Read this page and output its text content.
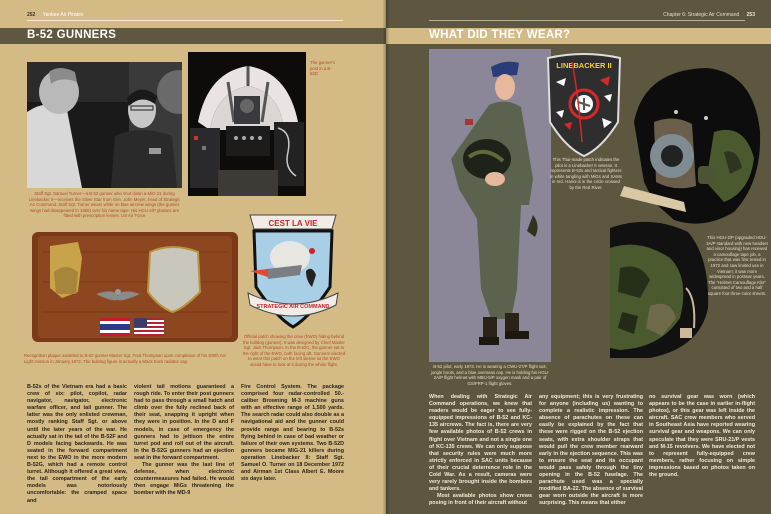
252 Yankee Air Pirates
B-52 GUNNERS
Staff Sgt. Samuel Turner—a B-52 gunner who shot down a MiG-21 during Linebacker II—receives the Silver Star from Gen. John Meyer, head of Strategic Air Command. Staff Sgt. Turner wears white on blue aircrew wings (the gunner wings had disappeared in 1955) over his name tape. His HGU-4/P glasses are fitted with prescription lenses. US Air Force
The gunner's post in a B-52D.
Recognition plaque awarded to B-52 gunner Master Sgt. Fred Thompson upon completion of his 300th Arc Light mission in January 1972. The bulldog figure is actually a Mack truck radiator cap.
CEST LA VIE
STRATEGIC AIR COMMAND
Official patch showing the crew (EWO) hiding behind the bulldog (gunner). It was designed by Chief Master Sgt. Jack Thompson. In the B-52G, the gunner sat to the right of the EWO, both facing aft. Gunners elected to wear this patch on the left sleeve so the EWO would have to look at it during the whole flight.

B-52s of the Vietnam era had a basic crew of six: pilot, copilot, radar navigator, navigator, electronic warfare officer, and tail gunner. The latter was the only enlisted crewman, mostly ranking Staff Sgt. or above until the later years of the war. He actually sat in the tail of the B-52F and D models facing backwards. He was seated in the forward compartment next to the EWO in the more modern B-52G, which had a remote control turret. Although it offered a great view, the tail compartment of the early models was notoriously uncomfortable: the cramped space and

violent tail motions guaranteed a rough ride. To enter their post gunners had to pass through a small hatch and climb over the fully reclined back of their seat, snapping it upright when they were in position. In the D and F models, in case of emergency the gunners had to jettison the entire turret pod and roll out of the aircraft. In the B-52G gunners had an ejection seat in the forward compartment.

The gunner was the last line of defense, when electronic countermeasures had failed. He would then engage MiGs threatening the bomber with the MD-9

Fire Control System. The package comprised four radar-controlled 50.-caliber Browning M-3 machine guns with an effective range of 1,500 yards. The search radar could also double as a navigational aid and the gunner could provide range and bearing to B-52s flying behind in case of bad weather or failure of their own systems. Two B-52D gunners became MiG-21 killers during operation Linebacker II: Staff Sgt. Samuel O. Turner on 18 December 1972 and Airman 1st Class Albert E. Moore six days later.

Chapter 6: Strategic Air Command 253
WHAT DID THEY WEAR?
B-52 pilot, early 1973. He is wearing a CWU-27/P flight suit, jungle boots, and a blue overseas cap. He is holding his HGU-2A/P flight helmet with MBU-5/P oxygen mask and a pair of GS/FRP-1 flight gloves.
LINEBACKER II
This Thai-made patch indicates the pilot is a Linebacker II veteran. It represents B-52s and tactical fighters in white tangling with MiGs and SAMs in red. Hanoi is in the circle crossed by the Red River.
This HGU-2/P (upgraded HGU-2A/P standard with new headset and visor housing) has received a camouflage tape job, a practice that was first tested in 1972 and saw limited use in Vietnam; it was more widespread in postwar years. The "Helmet Camouflage Kits" consisted of two and a half square foot three-color sheets.

When dealing with Strategic Air Command operations, we knew that readers would be eager to see fully-equipped impressions of B-52 and KC-135 aircrews. The fact is, there are very few available photos of B-52 crews in flight over Vietnam and not a single one of KC-135 crews. We can only suppose that security rules were much more strictly enforced in SAC units because of their crucial deterrence role in the Cold War. As a result, cameras were very rarely brought inside the bombers and tankers.

Most available photos show crews posing in front of their aircraft without

any equipment; this is very frustrating for anyone (including us) wanting to complete a realistic impression. The absence of parachutes on these can easily be explained by the fact that these were rigged on the B-52 ejection seats, with extra shoulder straps that would pull the crew member rearward early in the ejection sequence. This was to ensure the seat and its occupant would pass safely through the tiny opening in the B-52 fuselage. The parachute used was a specially modified BA-22. The absence of survival gear worn outside the aircraft is more surprising. This means that either

no survival gear was worn (which appears to be the case in earlier in-flight photos), or this gear was left inside the aircraft. SAC crew members who served in Southeast Asia have reported wearing survival gear and weapons. We can only speculate that they were SRU-21/P vests and M-15 revolvers. We have elected not to represent fully-equipped crew members, rather focusing on simple impressions based on photos taken on the ground.
